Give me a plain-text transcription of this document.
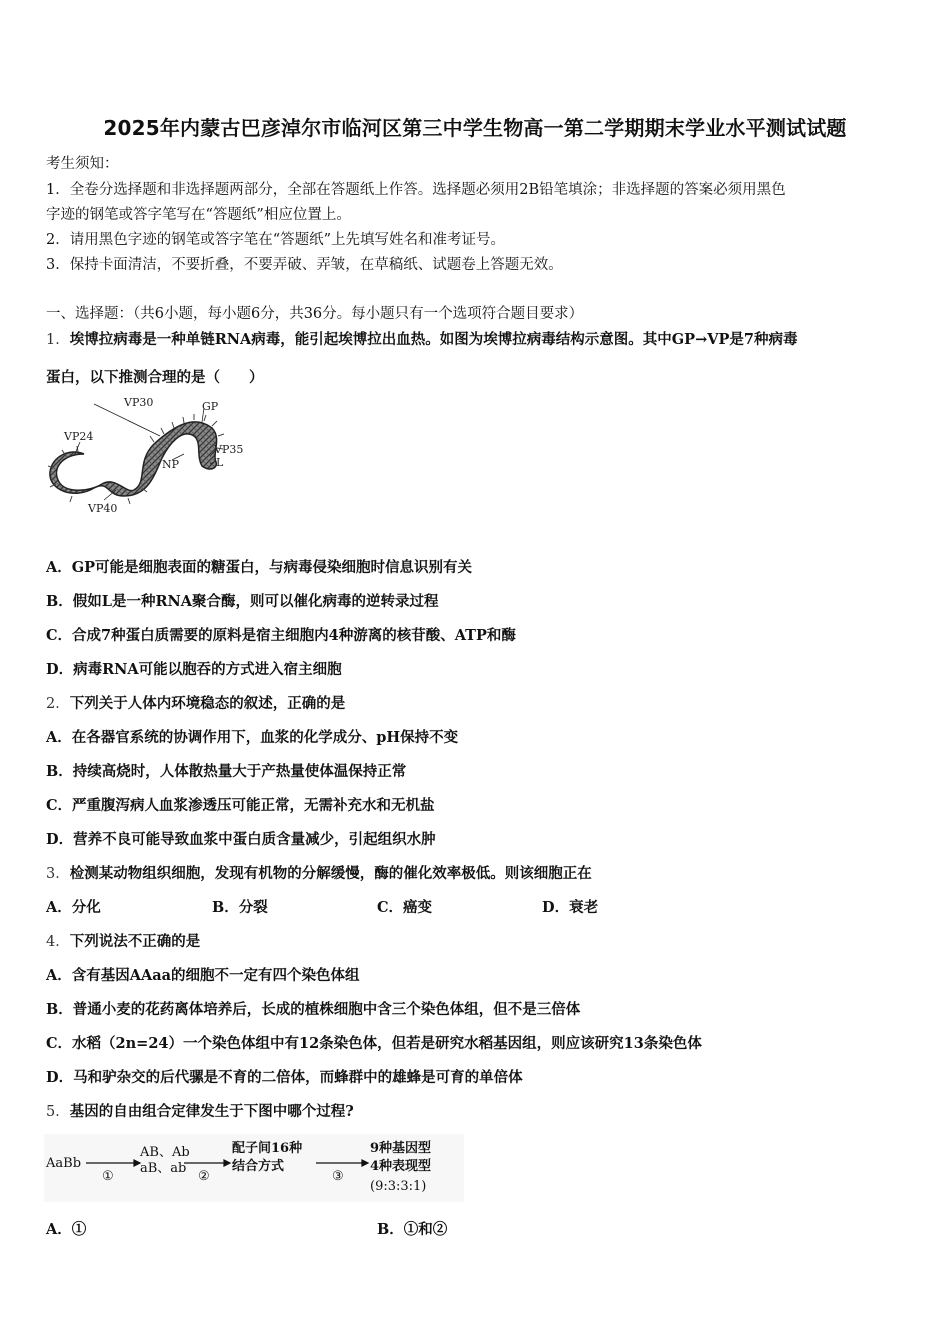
2025年内蒙古巴彦淖尔市临河区第三中学生物高一第二学期期末学业水平测试试题
考生须知：
1．全卷分选择题和非选择题两部分，全部在答题纸上作答。选择题必须用2B铅笔填涂；非选择题的答案必须用黑色
字迹的钢笔或答字笔写在“答题纸”相应位置上。
2．请用黑色字迹的钢笔或答字笔在“答题纸”上先填写姓名和准考证号。
3．保持卡面清洁，不要折叠，不要弄破、弄皱，在草稿纸、试题卷上答题无效。
一、选择题：（共6小题，每小题6分，共36分。每小题只有一个选项符合题目要求）
1．埃博拉病毒是一种单链RNA病毒，能引起埃博拉出血热。如图为埃博拉病毒结构示意图。其中GP→VP是7种病毒
蛋白，以下推测合理的是（　　）
VP30	GP
VP24
VP35
NP	L
VP40
A．GP可能是细胞表面的糖蛋白，与病毒侵染细胞时信息识别有关
B．假如L是一种RNA聚合酶，则可以催化病毒的逆转录过程
C．合成7种蛋白质需要的原料是宿主细胞内4种游离的核苷酸、ATP和酶
D．病毒RNA可能以胞吞的方式进入宿主细胞
2．下列关于人体内环境稳态的叙述，正确的是
A．在各器官系统的协调作用下，血浆的化学成分、pH保持不变
B．持续高烧时，人体散热量大于产热量使体温保持正常
C．严重腹泻病人血浆渗透压可能正常，无需补充水和无机盐
D．营养不良可能导致血浆中蛋白质含量减少，引起组织水肿
3．检测某动物组织细胞，发现有机物的分解缓慢，酶的催化效率极低。则该细胞正在
A．分化	B．分裂	C．癌变	D．衰老
4．下列说法不正确的是
A．含有基因AAaa的细胞不一定有四个染色体组
B．普通小麦的花药离体培养后，长成的植株细胞中含三个染色体组，但不是三倍体
C．水稻（2n=24）一个染色体组中有12条染色体，但若是研究水稻基因组，则应该研究13条染色体
D．马和驴杂交的后代骡是不育的二倍体，而蜂群中的雄蜂是可育的单倍体
5．基因的自由组合定律发生于下图中哪个过程?
AaBb
AB、Ab
aB、ab
配子间16种
结合方式
9种基因型
4种表现型
(9:3:3:1)
①	②	③
A．①	B．①和②
